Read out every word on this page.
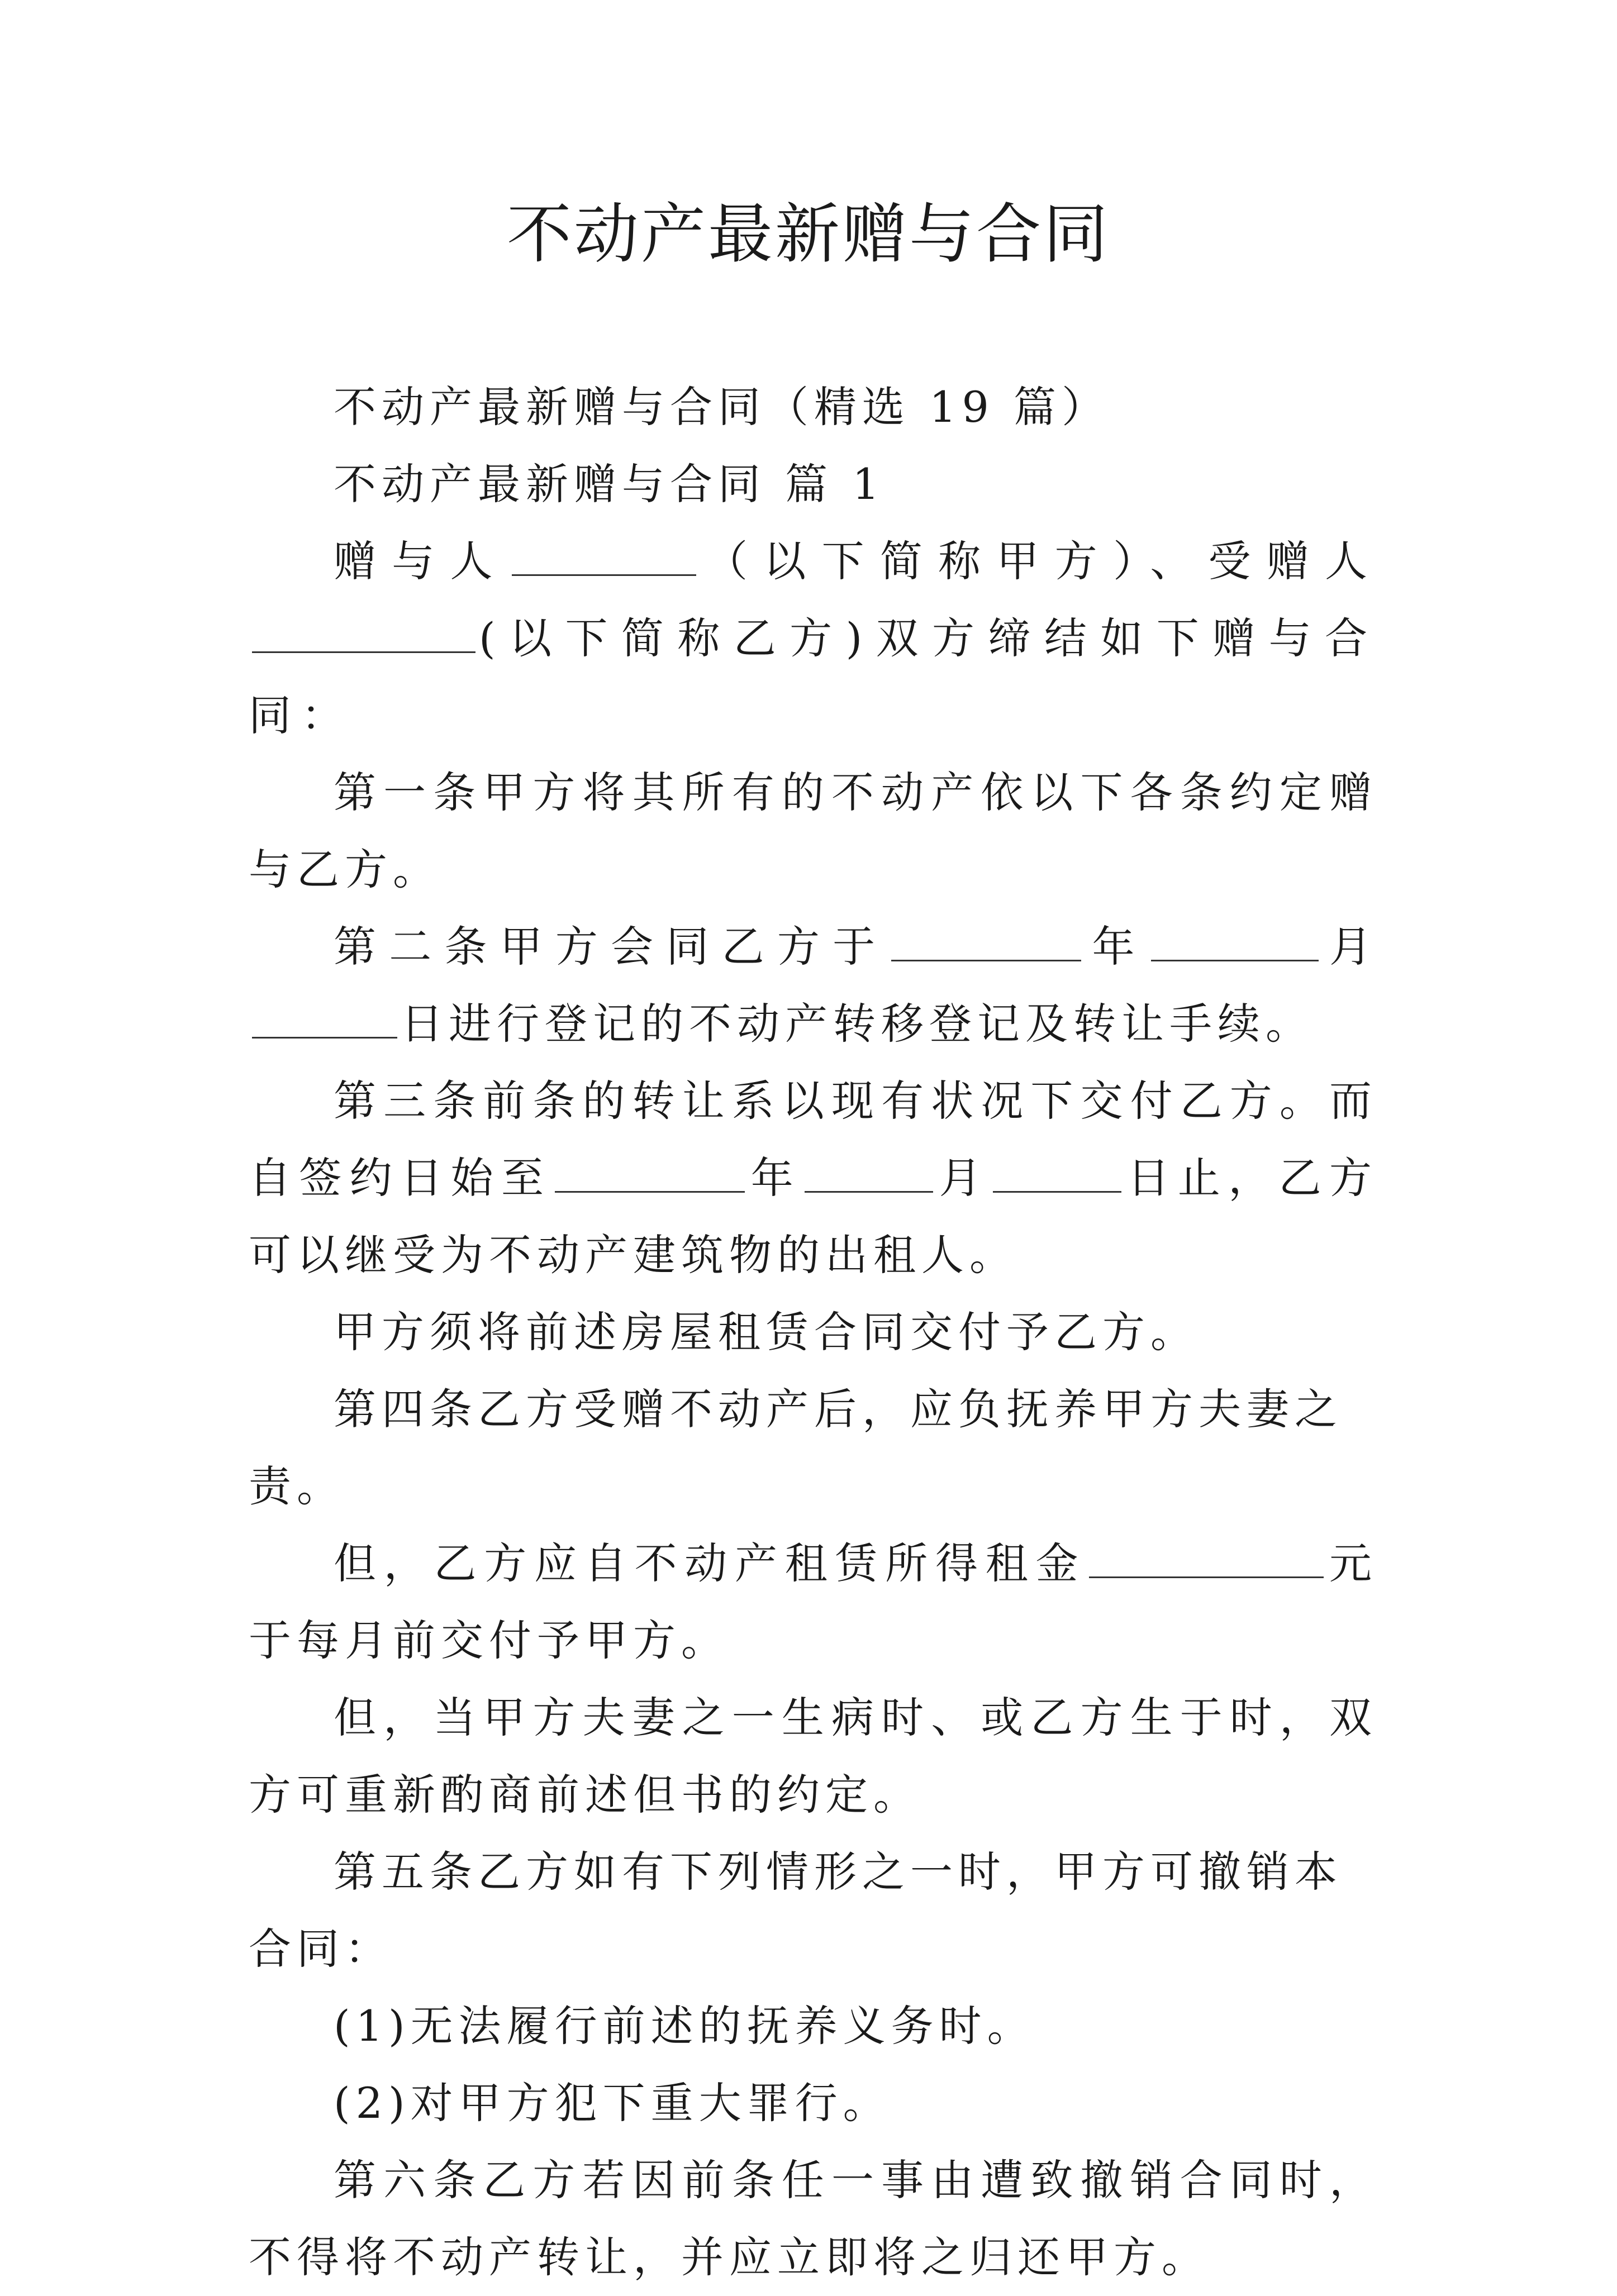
不动产最新赠与合同

不动产最新赠与合同（精选 19 篇）

不动产最新赠与合同 篇 1

赠与人	（以下简称甲方）、受赠人(以下简称乙方)双方缔结如下赠与合同：

第一条甲方将其所有的不动产依以下各条约定赠与乙方。

第二条甲方会同乙方于	年	月日进行登记的不动产转移登记及转让手续。

第三条前条的转让系以现有状况下交付乙方。而自签约日始至	年	月	日止，乙方可以继受为不动产建筑物的出租人。

甲方须将前述房屋租赁合同交付予乙方。

第四条乙方受赠不动产后，应负抚养甲方夫妻之责。

但，乙方应自不动产租赁所得租金	元于每月前交付予甲方。

但，当甲方夫妻之一生病时、或乙方生于时，双方可重新酌商前述但书的约定。

第五条乙方如有下列情形之一时，甲方可撤销本合同：

(1)无法履行前述的抚养义务时。

(2)对甲方犯下重大罪行。

第六条乙方若因前条任一事由遭致撤销合同时，不得将不动产转让，并应立即将之归还甲方。
